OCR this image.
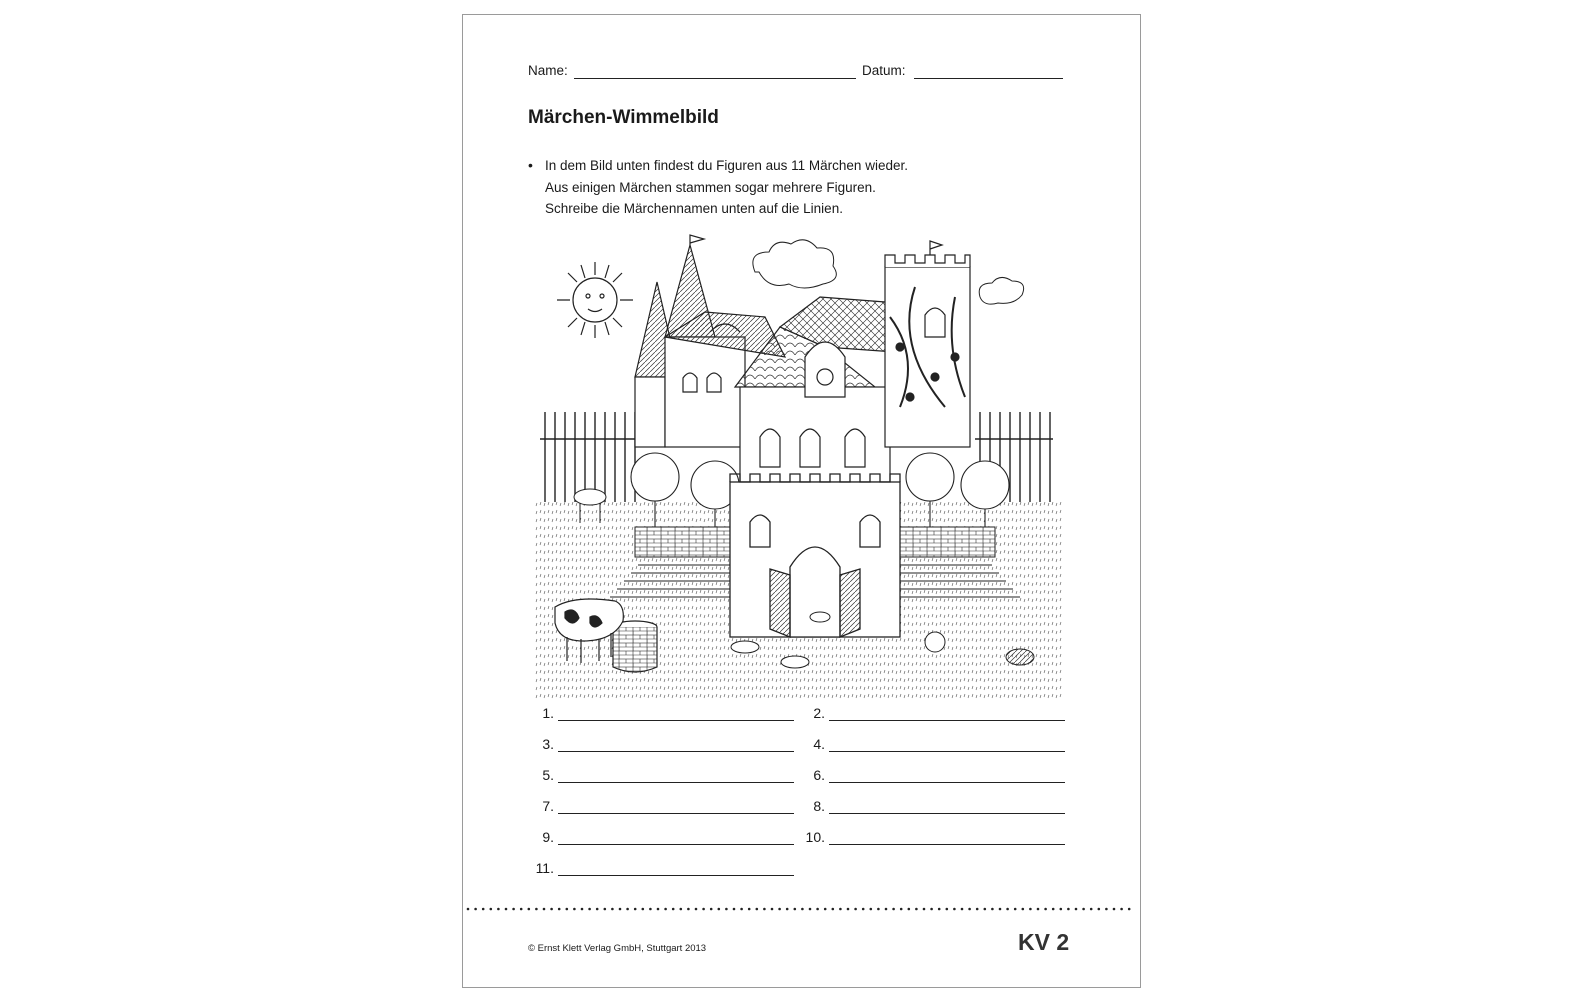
Name:	Datum:
Märchen-Wimmelbild
• In dem Bild unten findest du Figuren aus 11 Märchen wieder.
Aus einigen Märchen stammen sogar mehrere Figuren.
Schreibe die Märchennamen unten auf die Linien.
1.	2.
3.	4.
5.	6.
7.	8.
9.	10.
11.
© Ernst Klett Verlag GmbH, Stuttgart 2013	KV 2
